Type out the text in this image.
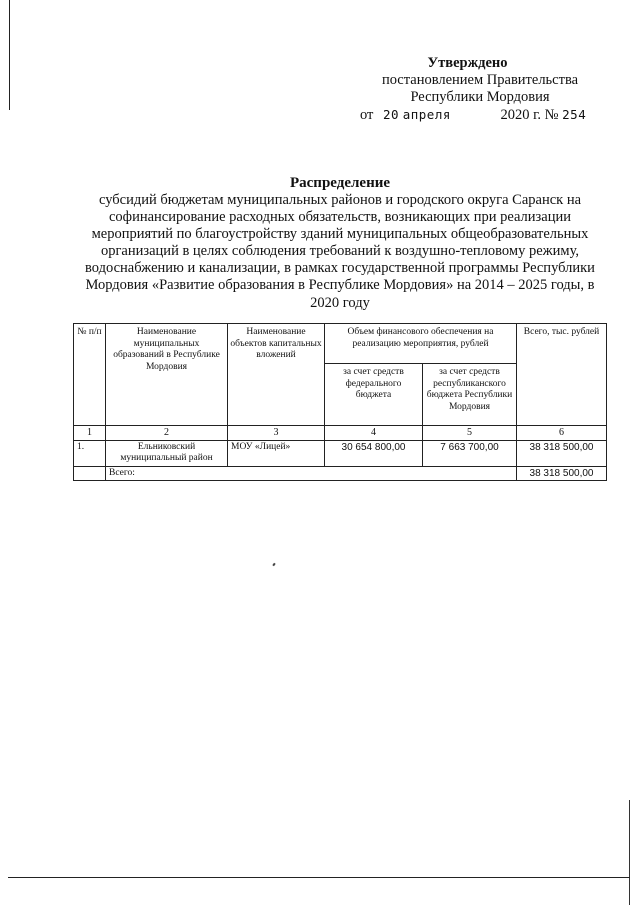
Утверждено
постановлением Правительства
Республики Мордовия
от 20 апреля	2020 г. № 254
Распределение
субсидий бюджетам муниципальных районов и городского округа Саранск на софинансирование расходных обязательств, возникающих при реализации мероприятий по благоустройству зданий муниципальных общеобразовательных организаций в целях соблюдения требований к воздушно-тепловому режиму, водоснабжению и канализации, в рамках государственной программы Республики Мордовия «Развитие образования в Республике Мордовия» на 2014 – 2025 годы, в 2020 году
№ п/п	Наименование муниципальных образований в Республике Мордовия	Наименование объектов капитальных вложений	Объем финансового обеспечения на реализацию мероприятия, рублей		Всего, тыс. рублей
			за счет средств федерального бюджета	за счет средств республиканского бюджета Республики Мордовия	
1	2	3	4	5	6
1.	Ельниковский муниципальный район	МОУ «Лицей»	30 654 800,00	7 663 700,00	38 318 500,00
	Всего:				38 318 500,00
